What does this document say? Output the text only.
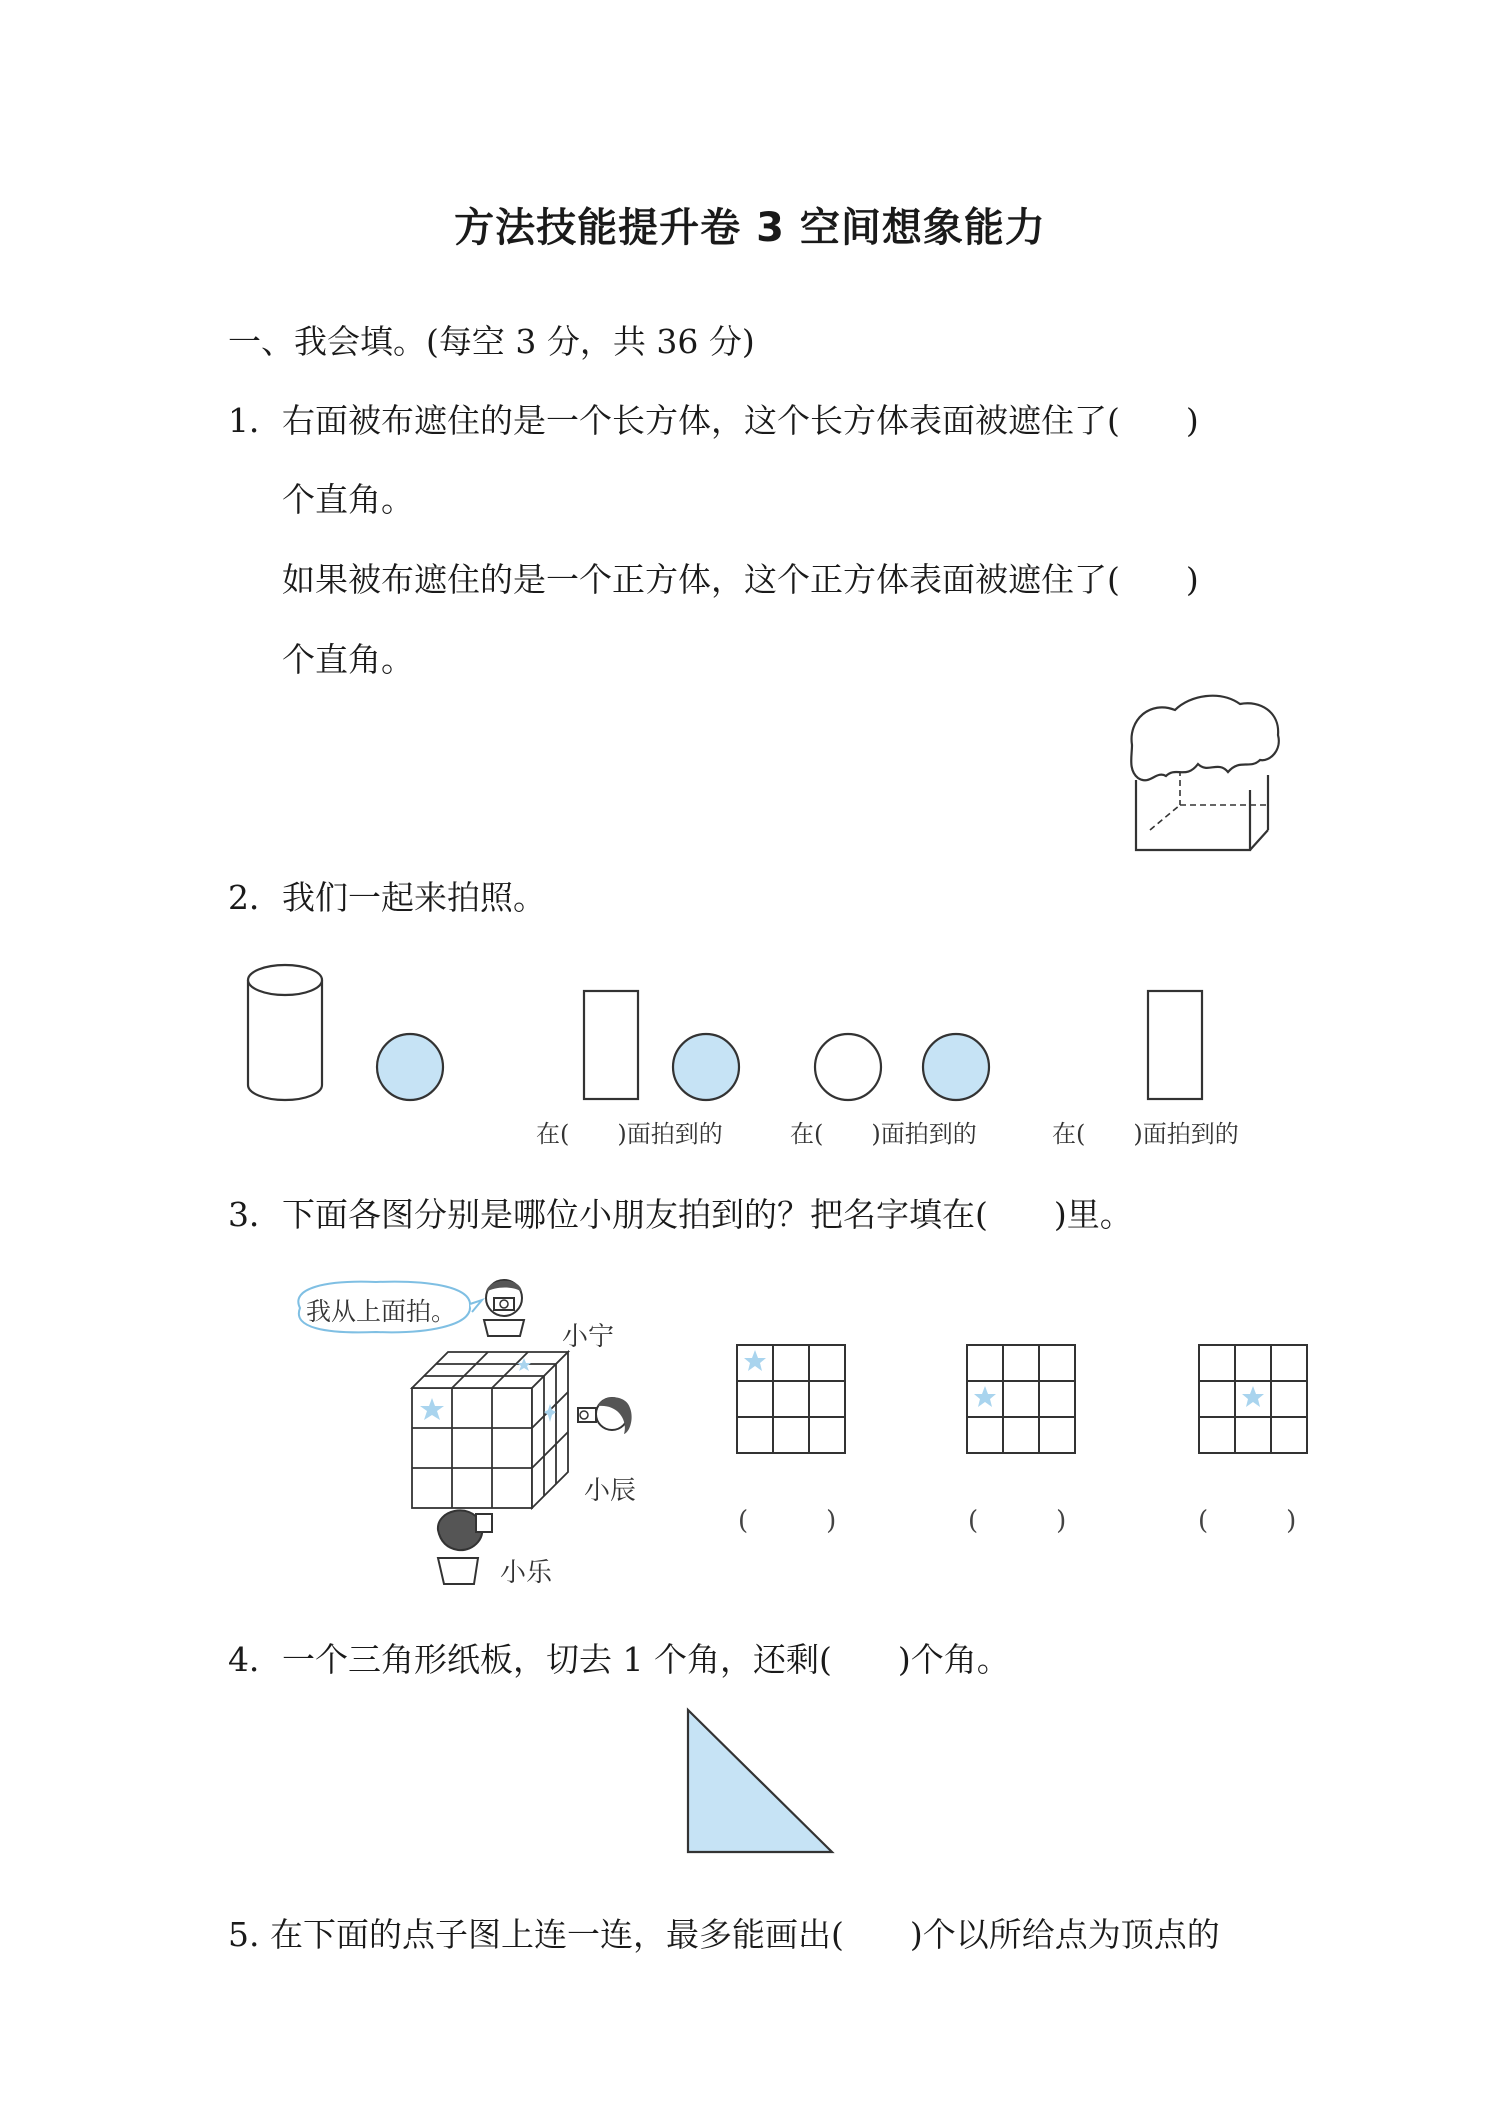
方法技能提升卷 3 空间想象能力
一、我会填。(每空 3 分，共 36 分)
1．右面被布遮住的是一个长方体，这个长方体表面被遮住了(　　)
个直角。
如果被布遮住的是一个正方体，这个正方体表面被遮住了(　　)
个直角。
2．我们一起来拍照。
在(　　)面拍到的	在(　　)面拍到的	在(　　)面拍到的
3．下面各图分别是哪位小朋友拍到的？把名字填在(　　)里。
我从上面拍。
小宁
小辰
小乐
(　　　)	(　　　)	(　　　)
4．一个三角形纸板，切去 1 个角，还剩(　　)个角。
5. 在下面的点子图上连一连，最多能画出(　　)个以所给点为顶点的
